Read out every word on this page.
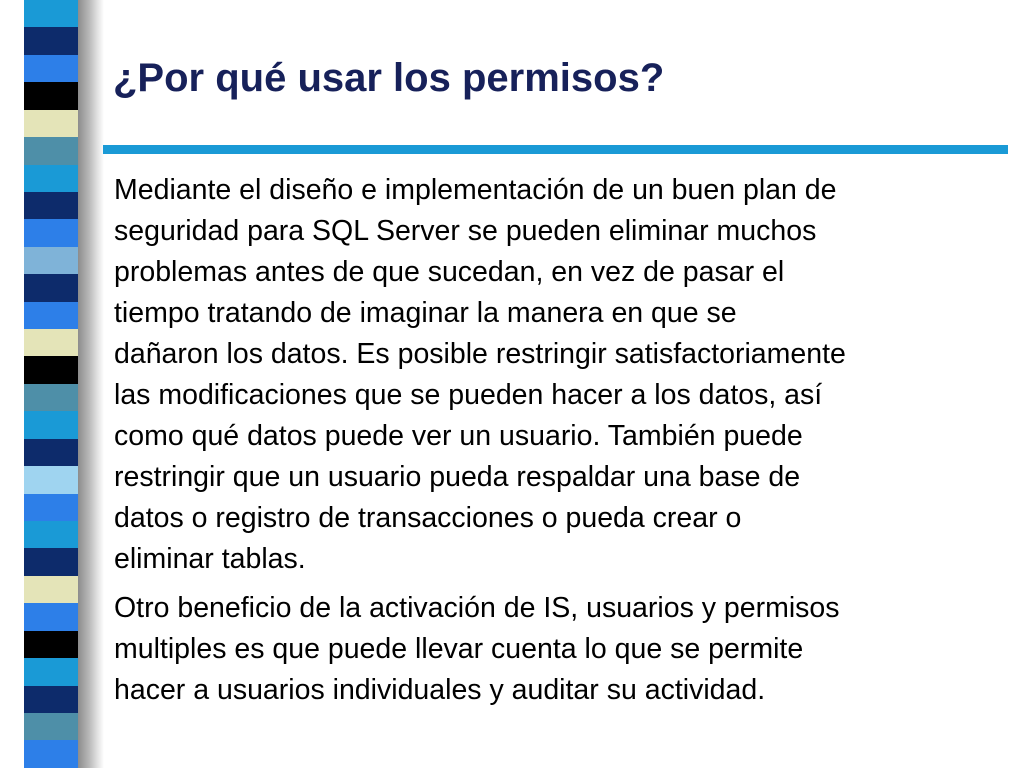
¿Por qué usar los permisos?

Mediante el diseño e implementación de un buen plan de

seguridad para SQL Server se pueden eliminar muchos

problemas antes de que sucedan, en vez de pasar el

tiempo tratando de imaginar la manera en que se

dañaron los datos. Es posible restringir satisfactoriamente

las modificaciones que se pueden hacer a los datos, así

como qué datos puede ver un usuario. También puede

restringir que un usuario pueda respaldar una base de

datos o registro de transacciones o pueda crear o

eliminar tablas.

Otro beneficio de la activación de IS, usuarios y permisos

multiples es que puede llevar cuenta lo que se permite

hacer a usuarios individuales y auditar su actividad.
